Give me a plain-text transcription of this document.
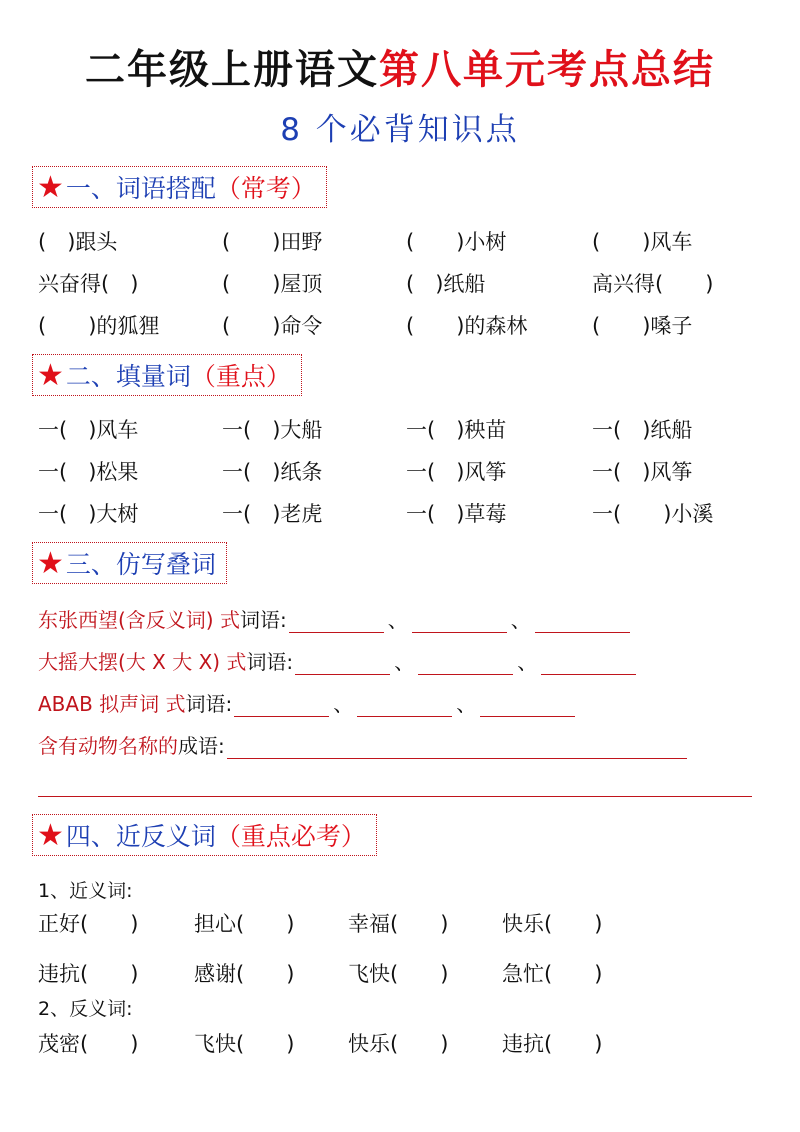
二年级上册语文第八单元考点总结
8 个必背知识点
★ 一、词语搭配 （常考）
(　)跟头	(　　)田野	(　　)小树	(　　)风车
兴奋得(　)	(　　)屋顶	(　)纸船	高兴得(　　)
(　　)的狐狸	(　　)命令	(　　)的森林	(　　)嗓子
★ 二、填量词 （重点）
一(　)风车	一(　)大船	一(　)秧苗	一(　)纸船
一(　)松果	一(　)纸条	一(　)风筝	一(　)风筝
一(　)大树	一(　)老虎	一(　)草莓	一(　　)小溪
★ 三、仿写叠词
东张西望(含反义词) 式 词语:	、	、
大摇大摆(大 X 大 X) 式 词语:	、	、
ABAB 拟声词 式 词语:	、	、
含有动物名称的 成语:
★ 四、近反义词 （重点必考）
1、近义词:
正好(　　)	担心(　　)	幸福(　　)	快乐(　　)
违抗(　　)	感谢(　　)	飞快(　　)	急忙(　　)
2、反义词:
茂密(　　)	飞快(　　)	快乐(　　)	违抗(　　)
